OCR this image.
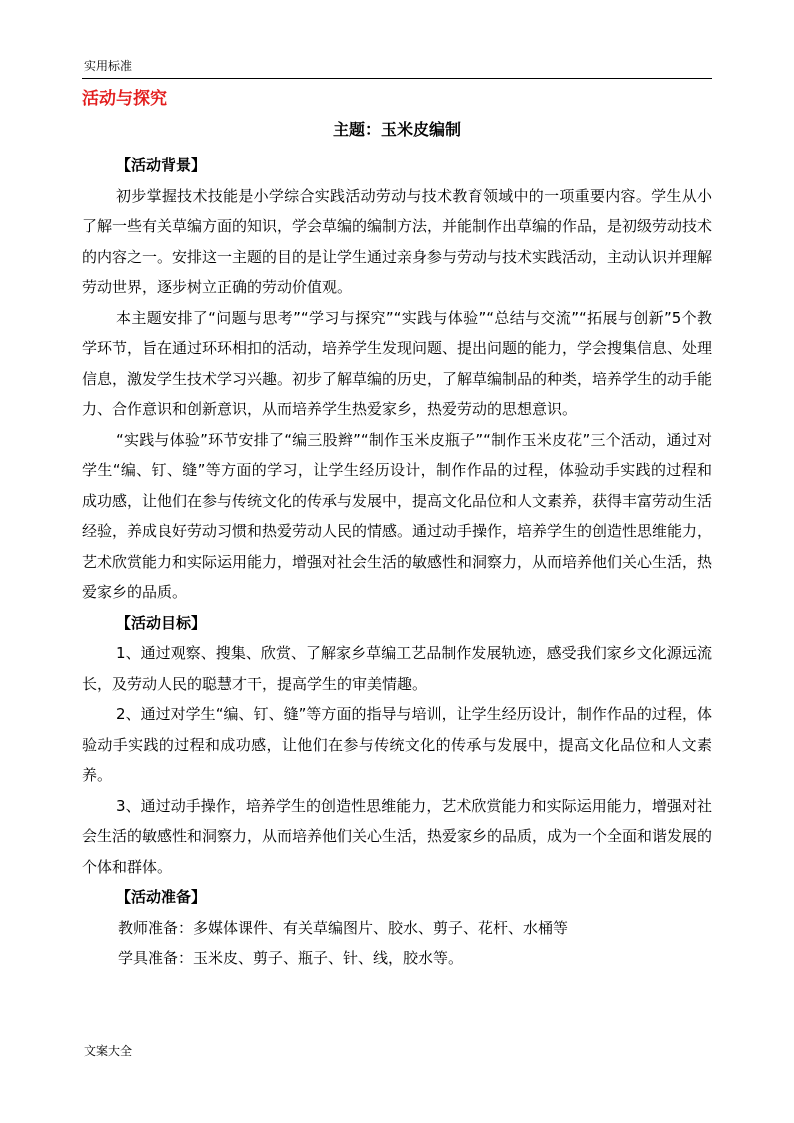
实用标准
活动与探究
主题：玉米皮编制

【活动背景】

初步掌握技术技能是小学综合实践活动劳动与技术教育领域中的一项重要内容。学生从小了解一些有关草编方面的知识，学会草编的编制方法，并能制作出草编的作品，是初级劳动技术的内容之一。安排这一主题的目的是让学生通过亲身参与劳动与技术实践活动，主动认识并理解劳动世界，逐步树立正确的劳动价值观。

本主题安排了“问题与思考”“学习与探究”“实践与体验”“总结与交流”“拓展与创新”5个教学环节，旨在通过环环相扣的活动，培养学生发现问题、提出问题的能力，学会搜集信息、处理信息，激发学生技术学习兴趣。初步了解草编的历史，了解草编制品的种类，培养学生的动手能力、合作意识和创新意识，从而培养学生热爱家乡，热爱劳动的思想意识。

“实践与体验”环节安排了“编三股辫”“制作玉米皮瓶子”“制作玉米皮花”三个活动，通过对学生“编、钉、缝”等方面的学习，让学生经历设计，制作作品的过程，体验动手实践的过程和成功感，让他们在参与传统文化的传承与发展中，提高文化品位和人文素养，获得丰富劳动生活经验，养成良好劳动习惯和热爱劳动人民的情感。通过动手操作，培养学生的创造性思维能力，艺术欣赏能力和实际运用能力，增强对社会生活的敏感性和洞察力，从而培养他们关心生活，热爱家乡的品质。

【活动目标】

1、通过观察、搜集、欣赏、了解家乡草编工艺品制作发展轨迹，感受我们家乡文化源远流长，及劳动人民的聪慧才干，提高学生的审美情趣。

2、通过对学生“编、钉、缝”等方面的指导与培训，让学生经历设计，制作作品的过程，体验动手实践的过程和成功感，让他们在参与传统文化的传承与发展中，提高文化品位和人文素养。

3、通过动手操作，培养学生的创造性思维能力，艺术欣赏能力和实际运用能力，增强对社会生活的敏感性和洞察力，从而培养他们关心生活，热爱家乡的品质，成为一个全面和谐发展的个体和群体。

【活动准备】

教师准备：多媒体课件、有关草编图片、胶水、剪子、花杆、水桶等

学具准备：玉米皮、剪子、瓶子、针、线，胶水等。

文案大全
